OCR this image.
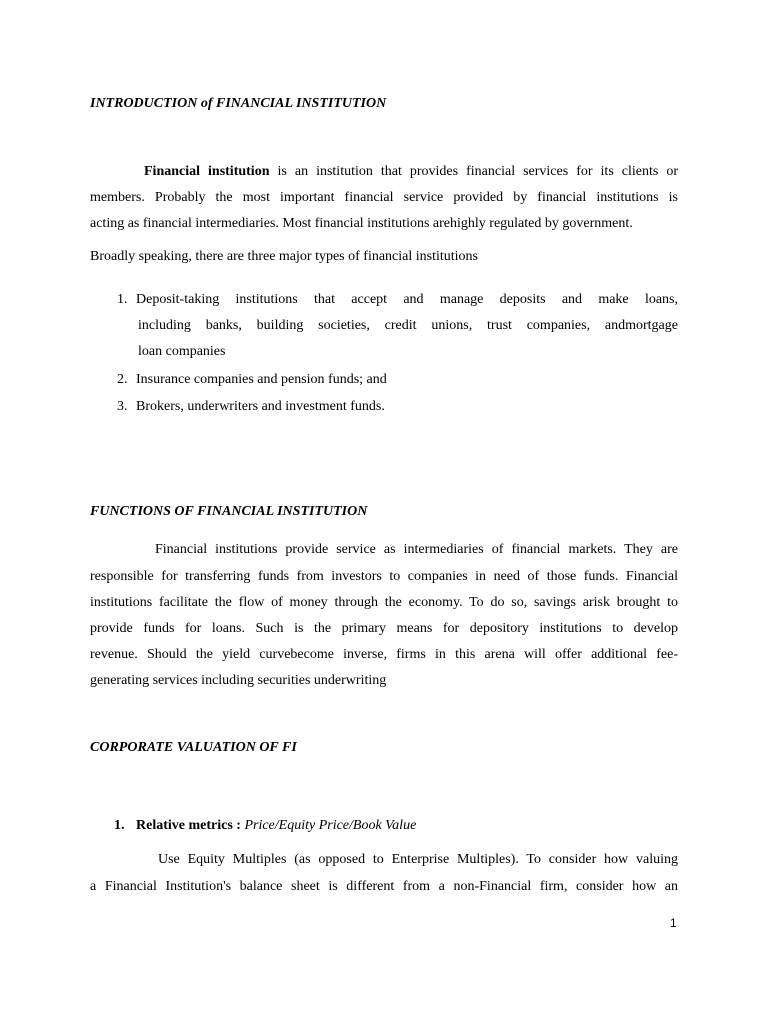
INTRODUCTION of FINANCIAL INSTITUTION
Financial institution is an institution that provides financial services for its clients or
members. Probably the most important financial service provided by financial institutions is
acting as financial intermediaries. Most financial institutions arehighly regulated by government.
Broadly speaking, there are three major types of financial institutions
1. Deposit-taking institutions that accept and manage deposits and make loans,
including banks, building societies, credit unions, trust companies, andmortgage
loan companies
2. Insurance companies and pension funds; and
3. Brokers, underwriters and investment funds.
FUNCTIONS OF FINANCIAL INSTITUTION
Financial institutions provide service as intermediaries of financial markets. They are
responsible for transferring funds from investors to companies in need of those funds. Financial
institutions facilitate the flow of money through the economy. To do so, savings arisk brought to
provide funds for loans. Such is the primary means for depository institutions to develop
revenue. Should the yield curvebecome inverse, firms in this arena will offer additional fee-
generating services including securities underwriting
CORPORATE VALUATION OF FI
1. Relative metrics : Price/Equity Price/Book Value
Use Equity Multiples (as opposed to Enterprise Multiples). To consider how valuing
a Financial Institution's balance sheet is different from a non-Financial firm, consider how an
1
